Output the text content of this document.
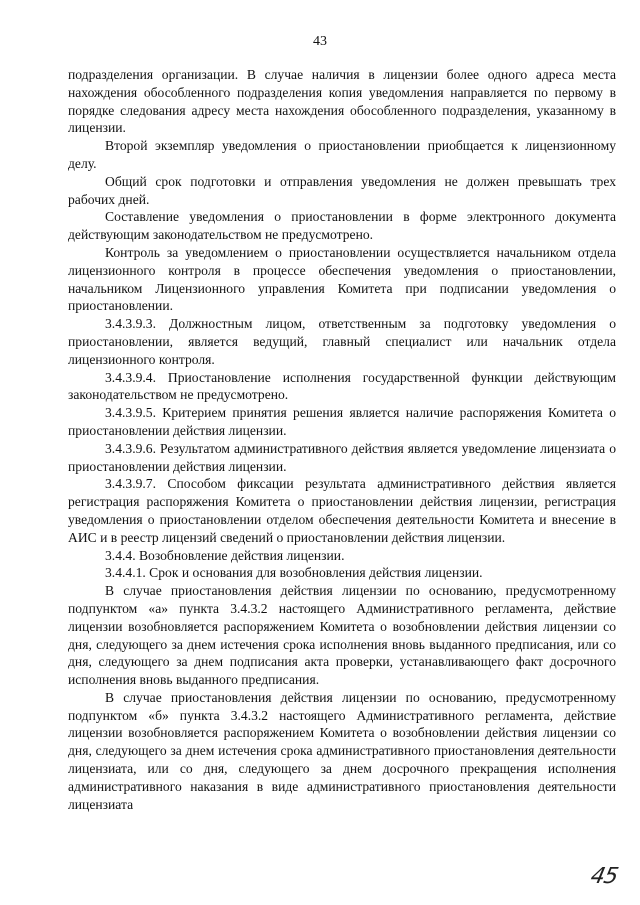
43

подразделения организации. В случае наличия в лицензии более одного адреса места нахождения обособленного подразделения копия уведомления направляется по первому в порядке следования адресу места нахождения обособленного подразделения, указанному в лицензии.

Второй экземпляр уведомления о приостановлении приобщается к лицензионному делу.

Общий срок подготовки и отправления уведомления не должен превышать трех рабочих дней.

Составление уведомления о приостановлении в форме электронного документа действующим законодательством не предусмотрено.

Контроль за уведомлением о приостановлении осуществляется начальником отдела лицензионного контроля в процессе обеспечения уведомления о приостановлении, начальником Лицензионного управления Комитета при подписании уведомления о приостановлении.

3.4.3.9.3. Должностным лицом, ответственным за подготовку уведомления о приостановлении, является ведущий, главный специалист или начальник отдела лицензионного контроля.

3.4.3.9.4. Приостановление исполнения государственной функции действующим законодательством не предусмотрено.

3.4.3.9.5. Критерием принятия решения является наличие распоряжения Комитета о приостановлении действия лицензии.

3.4.3.9.6. Результатом административного действия является уведомление лицензиата о приостановлении действия лицензии.

3.4.3.9.7. Способом фиксации результата административного действия является регистрация распоряжения Комитета о приостановлении действия лицензии, регистрация уведомления о приостановлении отделом обеспечения деятельности Комитета и внесение в АИС и в реестр лицензий сведений о приостановлении действия лицензии.

3.4.4. Возобновление действия лицензии.

3.4.4.1. Срок и основания для возобновления действия лицензии.

В случае приостановления действия лицензии по основанию, предусмотренному подпунктом «а» пункта 3.4.3.2 настоящего Административного регламента, действие лицензии возобновляется распоряжением Комитета о возобновлении действия лицензии со дня, следующего за днем истечения срока исполнения вновь выданного предписания, или со дня, следующего за днем подписания акта проверки, устанавливающего факт досрочного исполнения вновь выданного предписания.

В случае приостановления действия лицензии по основанию, предусмотренному подпунктом «б» пункта 3.4.3.2 настоящего Административного регламента, действие лицензии возобновляется распоряжением Комитета о возобновлении действия лицензии со дня, следующего за днем истечения срока административного приостановления деятельности лицензиата, или со дня, следующего за днем досрочного прекращения исполнения административного наказания в виде административного приостановления деятельности лицензиата

45
